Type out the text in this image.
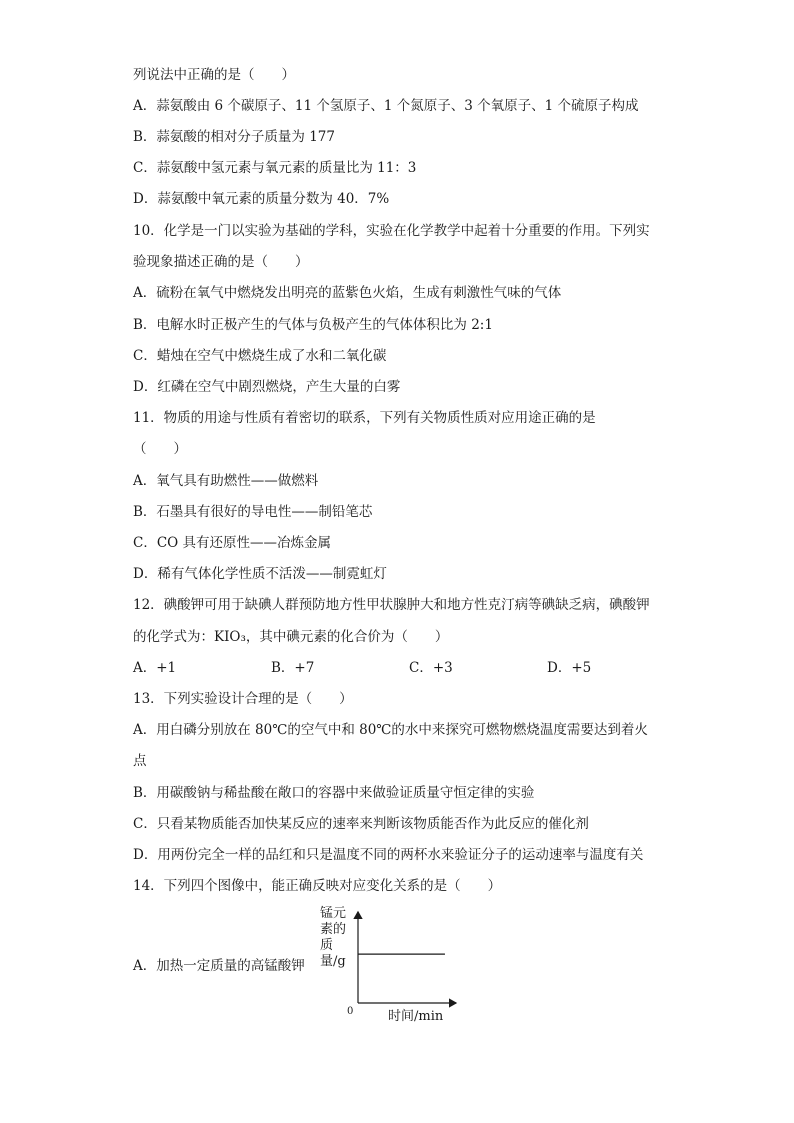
列说法中正确的是（　　）
A．蒜氨酸由 6 个碳原子、11 个氢原子、1 个氮原子、3 个氧原子、1 个硫原子构成
B．蒜氨酸的相对分子质量为 177
C．蒜氨酸中氢元素与氧元素的质量比为 11：3
D．蒜氨酸中氧元素的质量分数为 40．7%
10．化学是一门以实验为基础的学科，实验在化学教学中起着十分重要的作用。下列实
验现象描述正确的是（　　）
A．硫粉在氧气中燃烧发出明亮的蓝紫色火焰，生成有刺激性气味的气体
B．电解水时正极产生的气体与负极产生的气体体积比为 2:1
C．蜡烛在空气中燃烧生成了水和二氧化碳
D．红磷在空气中剧烈燃烧，产生大量的白雾
11．物质的用途与性质有着密切的联系，下列有关物质性质对应用途正确的是
（　　）
A．氧气具有助燃性——做燃料
B．石墨具有很好的导电性——制铅笔芯
C．CO 具有还原性——冶炼金属
D．稀有气体化学性质不活泼——制霓虹灯
12．碘酸钾可用于缺碘人群预防地方性甲状腺肿大和地方性克汀病等碘缺乏病，碘酸钾
的化学式为：KIO₃，其中碘元素的化合价为（　　）
A．+1	B．+7	C．+3	D．+5
13．下列实验设计合理的是（　　）
A．用白磷分别放在 80℃的空气中和 80℃的水中来探究可燃物燃烧温度需要达到着火
点
B．用碳酸钠与稀盐酸在敞口的容器中来做验证质量守恒定律的实验
C．只看某物质能否加快某反应的速率来判断该物质能否作为此反应的催化剂
D．用两份完全一样的品红和只是温度不同的两杯水来验证分子的运动速率与温度有关
14．下列四个图像中，能正确反映对应变化关系的是（　　）
A．加热一定质量的高锰酸钾
锰元素的质量/g
0	时间/min
